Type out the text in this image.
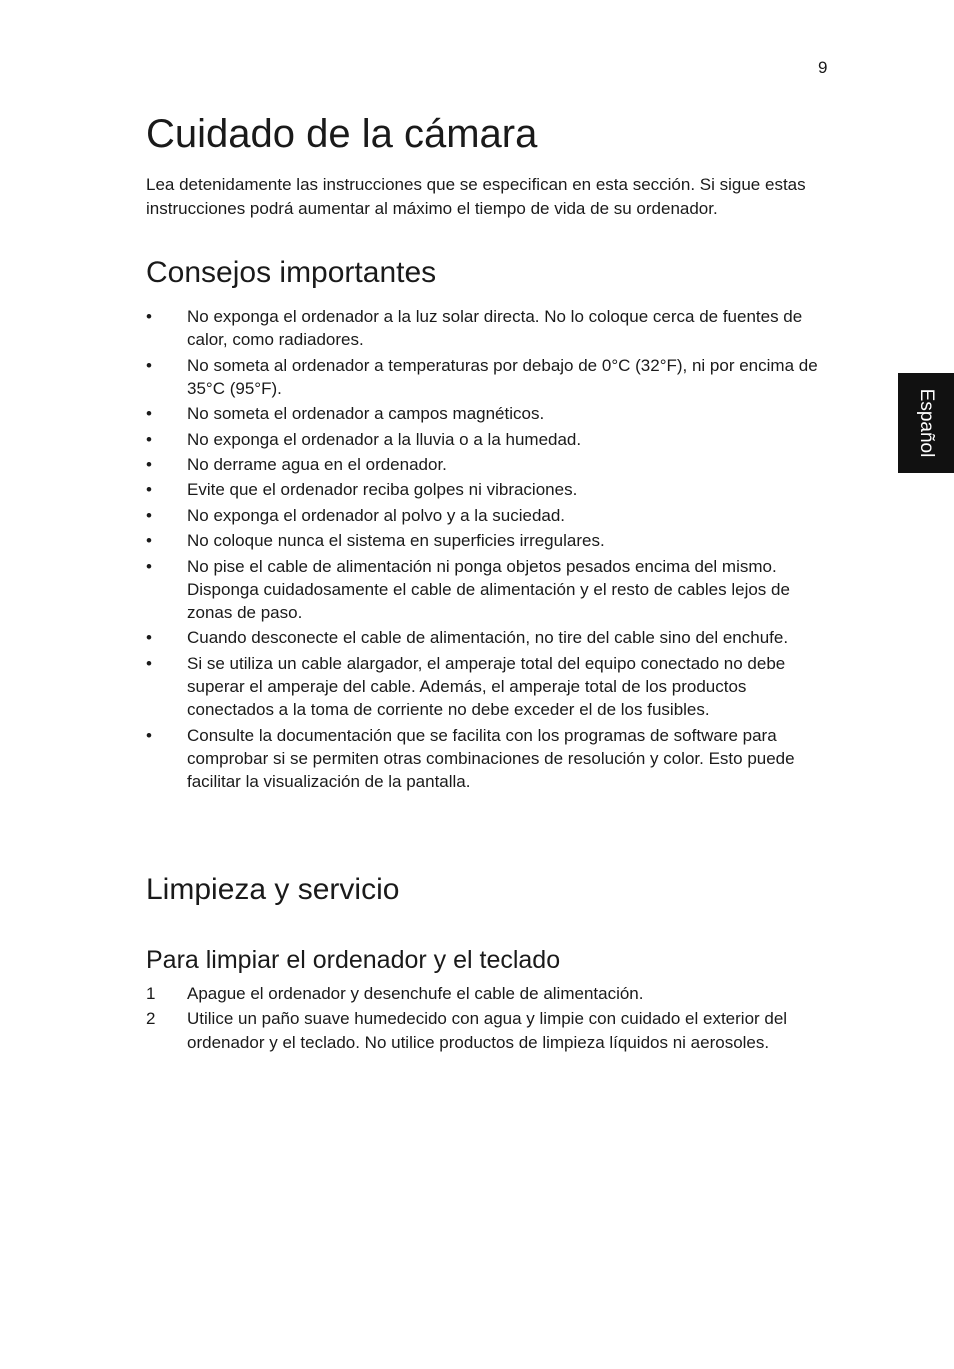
9
Español
Cuidado de la cámara

Lea detenidamente las instrucciones que se especifican en esta sección. Si sigue estas instrucciones podrá aumentar al máximo el tiempo de vida de su ordenador.

Consejos importantes
• No exponga el ordenador a la luz solar directa. No lo coloque cerca de fuentes de calor, como radiadores.
• No someta al ordenador a temperaturas por debajo de 0°C (32°F), ni por encima de 35°C (95°F).
• No someta el ordenador a campos magnéticos.
• No exponga el ordenador a la lluvia o a la humedad.
• No derrame agua en el ordenador.
• Evite que el ordenador reciba golpes ni vibraciones.
• No exponga el ordenador al polvo y a la suciedad.
• No coloque nunca el sistema en superficies irregulares.
• No pise el cable de alimentación ni ponga objetos pesados encima del mismo. Disponga cuidadosamente el cable de alimentación y el resto de cables lejos de zonas de paso.
• Cuando desconecte el cable de alimentación, no tire del cable sino del enchufe.
• Si se utiliza un cable alargador, el amperaje total del equipo conectado no debe superar el amperaje del cable. Además, el amperaje total de los productos conectados a la toma de corriente no debe exceder el de los fusibles.
• Consulte la documentación que se facilita con los programas de software para comprobar si se permiten otras combinaciones de resolución y color. Esto puede facilitar la visualización de la pantalla.
Limpieza y servicio
Para limpiar el ordenador y el teclado
1 Apague el ordenador y desenchufe el cable de alimentación.
2 Utilice un paño suave humedecido con agua y limpie con cuidado el exterior del ordenador y el teclado. No utilice productos de limpieza líquidos ni aerosoles.
